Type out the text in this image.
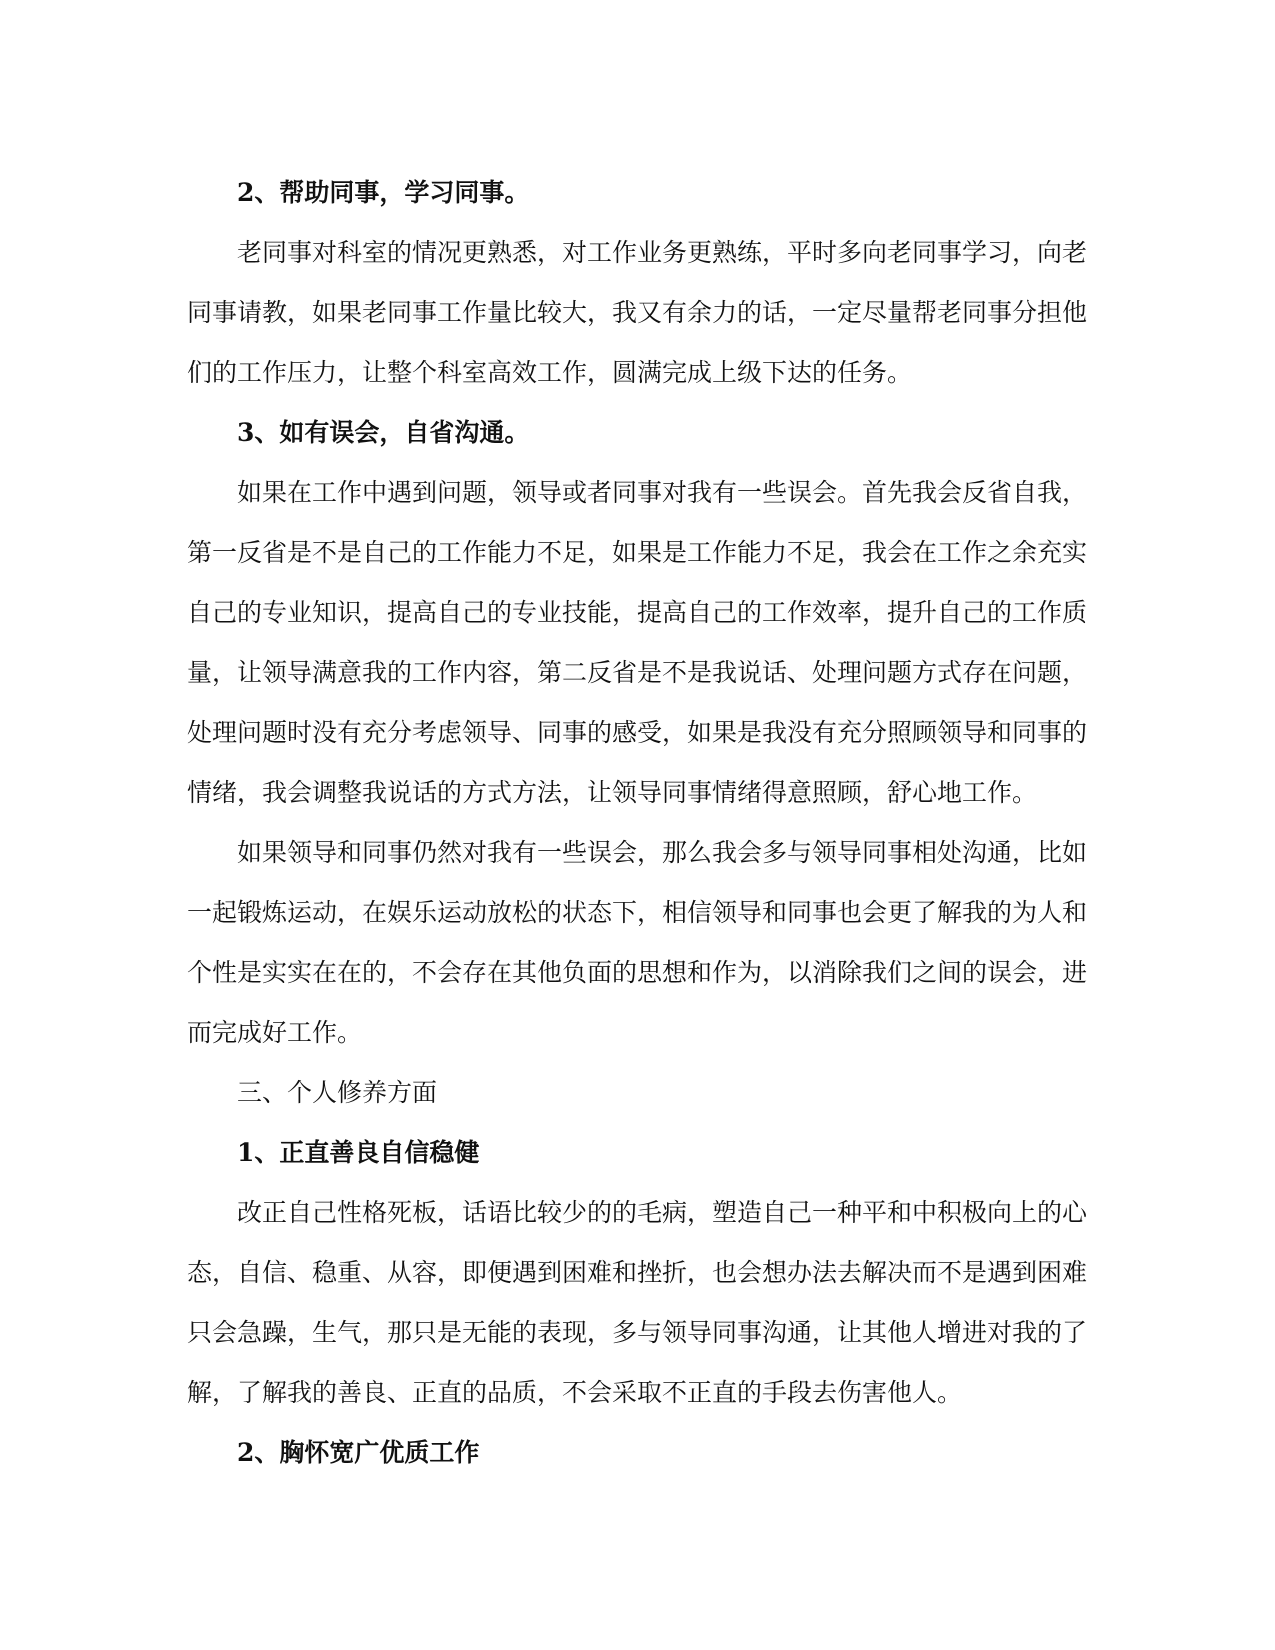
2、帮助同事，学习同事。

老同事对科室的情况更熟悉，对工作业务更熟练，平时多向老同事学习，向老同事请教，如果老同事工作量比较大，我又有余力的话，一定尽量帮老同事分担他们的工作压力，让整个科室高效工作，圆满完成上级下达的任务。

3、如有误会，自省沟通。

如果在工作中遇到问题，领导或者同事对我有一些误会。首先我会反省自我，第一反省是不是自己的工作能力不足，如果是工作能力不足，我会在工作之余充实自己的专业知识，提高自己的专业技能，提高自己的工作效率，提升自己的工作质量，让领导满意我的工作内容，第二反省是不是我说话、处理问题方式存在问题，处理问题时没有充分考虑领导、同事的感受，如果是我没有充分照顾领导和同事的情绪，我会调整我说话的方式方法，让领导同事情绪得意照顾，舒心地工作。

如果领导和同事仍然对我有一些误会，那么我会多与领导同事相处沟通，比如一起锻炼运动，在娱乐运动放松的状态下，相信领导和同事也会更了解我的为人和个性是实实在在的，不会存在其他负面的思想和作为，以消除我们之间的误会，进而完成好工作。

三、个人修养方面

1、正直善良自信稳健

改正自己性格死板，话语比较少的的毛病，塑造自己一种平和中积极向上的心态，自信、稳重、从容，即便遇到困难和挫折，也会想办法去解决而不是遇到困难只会急躁，生气，那只是无能的表现，多与领导同事沟通，让其他人增进对我的了解，了解我的善良、正直的品质，不会采取不正直的手段去伤害他人。

2、胸怀宽广优质工作
